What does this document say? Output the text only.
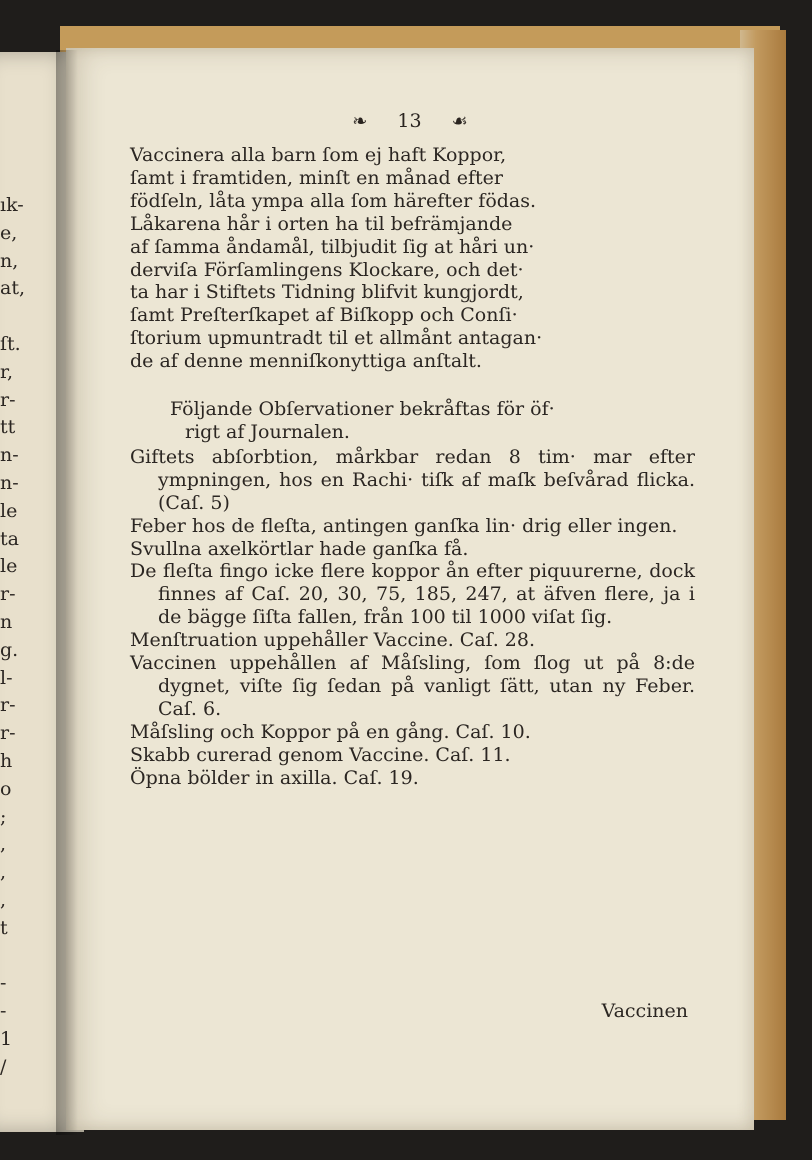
ık-
e,
n,
at,
ſt.
r,
r-
tt
n-
n-
le
ta
le
r-
n
g.
l-
r-
r-
h
o
;
,
,
,
t
-
-
1
/
❧ 13 ☙

Vaccinera alla barn ſom ej haft Koppor,

ſamt i framtiden, minſt en månad efter

födſeln, låta ympa alla ſom härefter födas.

Låkarena hår i orten ha til befrämjande

af ſamma åndamål, tilbjudit ſig at håri un·

derviſa Förſamlingens Klockare, och det·

ta har i Stiftets Tidning blifvit kungjordt,

ſamt Preſterſkapet af Biſkopp och Conſi·

ſtorium upmuntradt til et allmånt antagan·

de af denne menniſkonyttiga anſtalt.

Följande Obſervationer bekråftas för öf·
rigt af Journalen.
Giftets abſorbtion, mårkbar redan 8 tim· mar efter ympningen, hos en Rachi· tiſk af maſk beſvårad flicka. (Caſ. 5)
Feber hos de fleſta, antingen ganſka lin· drig eller ingen.
Svullna axelkörtlar hade ganſka få.
De fleſta fingo icke flere koppor ån efter piquurerne, dock finnes af Caſ. 20, 30, 75, 185, 247, at äfven flere, ja i de bägge ſiſta fallen, från 100 til 1000 viſat ſig.
Menſtruation uppehåller Vaccine. Caſ. 28.
Vaccinen uppehållen af Måſsling, ſom ſlog ut på 8:de dygnet, viſte ſig ſedan på vanligt ſätt, utan ny Feber. Caſ. 6.
Måſsling och Koppor på en gång. Caſ. 10.
Skabb curerad genom Vaccine. Caſ. 11.
Öpna bölder in axilla. Caſ. 19.
Vaccinen
